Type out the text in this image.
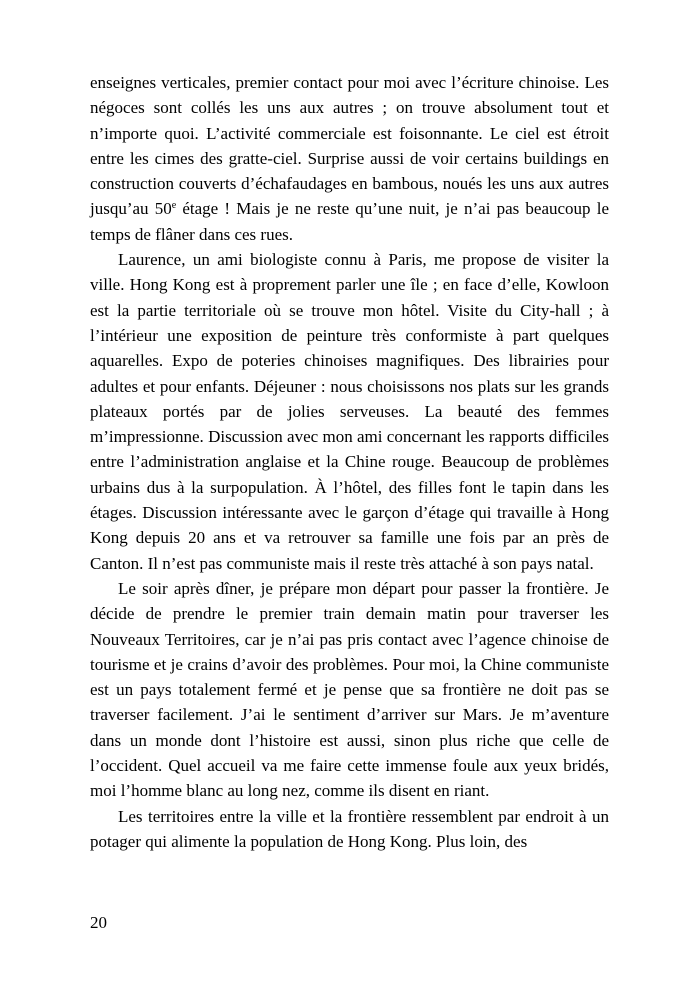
enseignes verticales, premier contact pour moi avec l’écriture chinoise. Les négoces sont collés les uns aux autres ; on trouve absolument tout et n’importe quoi. L’activité commerciale est foisonnante. Le ciel est étroit entre les cimes des gratte-ciel. Surprise aussi de voir certains buildings en construction couverts d’échafaudages en bambous, noués les uns aux autres jusqu’au 50e étage ! Mais je ne reste qu’une nuit, je n’ai pas beaucoup le temps de flâner dans ces rues.

Laurence, un ami biologiste connu à Paris, me propose de visiter la ville. Hong Kong est à proprement parler une île ; en face d’elle, Kowloon est la partie territoriale où se trouve mon hôtel. Visite du City-hall ; à l’intérieur une exposition de peinture très conformiste à part quelques aquarelles. Expo de poteries chinoises magnifiques. Des librairies pour adultes et pour enfants. Déjeuner : nous choisissons nos plats sur les grands plateaux portés par de jolies serveuses. La beauté des femmes m’impressionne. Discussion avec mon ami concernant les rapports difficiles entre l’administration anglaise et la Chine rouge. Beaucoup de problèmes urbains dus à la surpopulation. À l’hôtel, des filles font le tapin dans les étages. Discussion intéressante avec le garçon d’étage qui travaille à Hong Kong depuis 20 ans et va retrouver sa famille une fois par an près de Canton. Il n’est pas communiste mais il reste très attaché à son pays natal.

Le soir après dîner, je prépare mon départ pour passer la frontière. Je décide de prendre le premier train demain matin pour traverser les Nouveaux Territoires, car je n’ai pas pris contact avec l’agence chinoise de tourisme et je crains d’avoir des problèmes. Pour moi, la Chine communiste est un pays totalement fermé et je pense que sa frontière ne doit pas se traverser facilement. J’ai le sentiment d’arriver sur Mars. Je m’aventure dans un monde dont l’histoire est aussi, sinon plus riche que celle de l’occident. Quel accueil va me faire cette immense foule aux yeux bridés, moi l’homme blanc au long nez, comme ils disent en riant.

Les territoires entre la ville et la frontière ressemblent par endroit à un potager qui alimente la population de Hong Kong. Plus loin, des

20
